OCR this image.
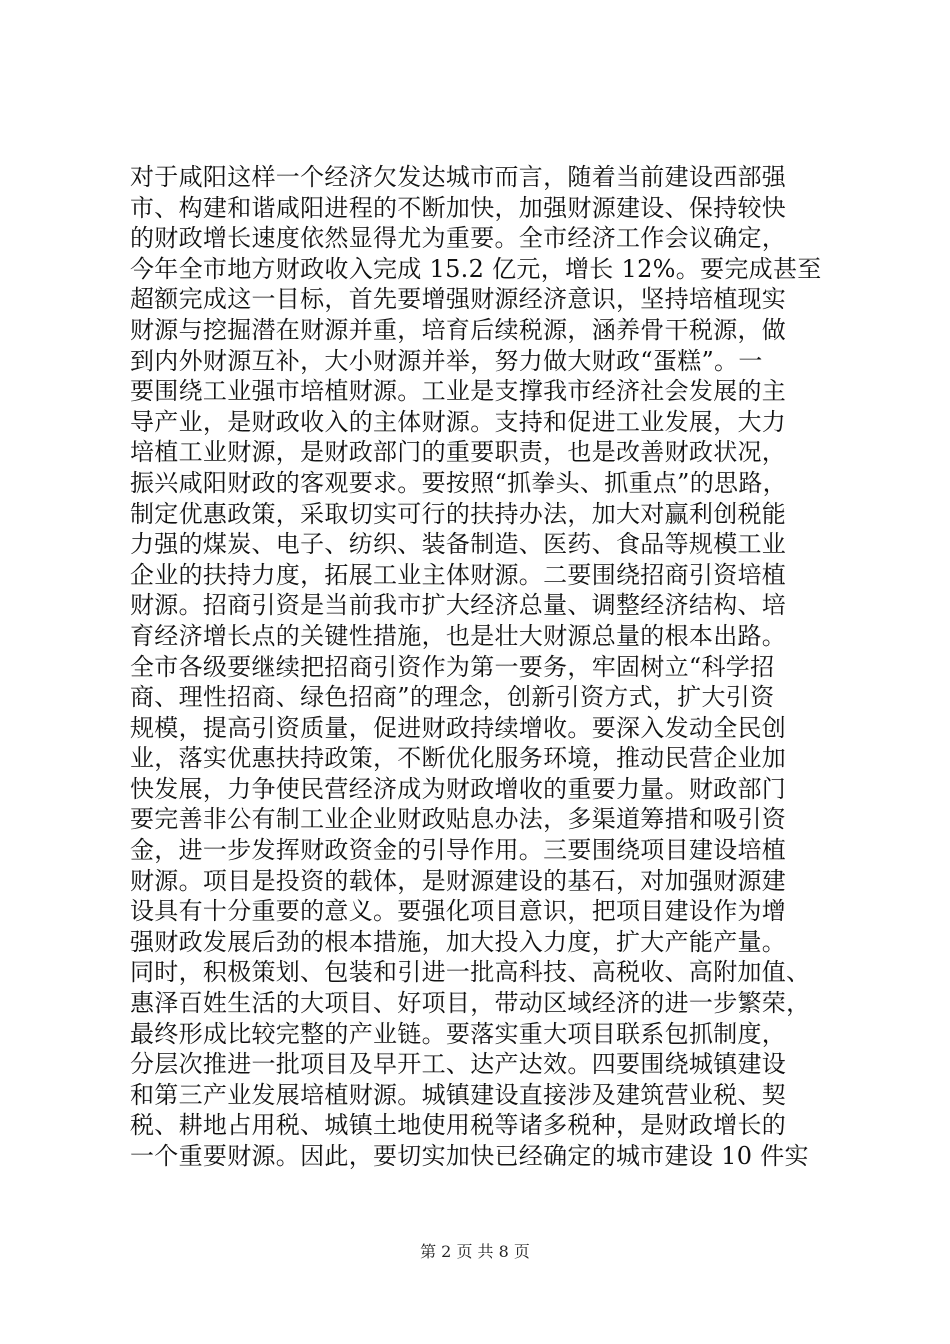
对于咸阳这样一个经济欠发达城市而言，随着当前建设西部强
市、构建和谐咸阳进程的不断加快，加强财源建设、保持较快
的财政增长速度依然显得尤为重要。全市经济工作会议确定，
今年全市地方财政收入完成 15.2 亿元，增长 12%。要完成甚至
超额完成这一目标，首先要增强财源经济意识，坚持培植现实
财源与挖掘潜在财源并重，培育后续税源，涵养骨干税源，做
到内外财源互补，大小财源并举，努力做大财政“蛋糕”。一
要围绕工业强市培植财源。工业是支撑我市经济社会发展的主
导产业，是财政收入的主体财源。支持和促进工业发展，大力
培植工业财源，是财政部门的重要职责，也是改善财政状况，
振兴咸阳财政的客观要求。要按照“抓拳头、抓重点”的思路，
制定优惠政策，采取切实可行的扶持办法，加大对赢利创税能
力强的煤炭、电子、纺织、装备制造、医药、食品等规模工业
企业的扶持力度，拓展工业主体财源。二要围绕招商引资培植
财源。招商引资是当前我市扩大经济总量、调整经济结构、培
育经济增长点的关键性措施，也是壮大财源总量的根本出路。
全市各级要继续把招商引资作为第一要务，牢固树立“科学招
商、理性招商、绿色招商”的理念，创新引资方式，扩大引资
规模，提高引资质量，促进财政持续增收。要深入发动全民创
业，落实优惠扶持政策，不断优化服务环境，推动民营企业加
快发展，力争使民营经济成为财政增收的重要力量。财政部门
要完善非公有制工业企业财政贴息办法，多渠道筹措和吸引资
金，进一步发挥财政资金的引导作用。三要围绕项目建设培植
财源。项目是投资的载体，是财源建设的基石，对加强财源建
设具有十分重要的意义。要强化项目意识，把项目建设作为增
强财政发展后劲的根本措施，加大投入力度，扩大产能产量。
同时，积极策划、包装和引进一批高科技、高税收、高附加值、
惠泽百姓生活的大项目、好项目，带动区域经济的进一步繁荣，
最终形成比较完整的产业链。要落实重大项目联系包抓制度，
分层次推进一批项目及早开工、达产达效。四要围绕城镇建设
和第三产业发展培植财源。城镇建设直接涉及建筑营业税、契
税、耕地占用税、城镇土地使用税等诸多税种，是财政增长的
一个重要财源。因此，要切实加快已经确定的城市建设 10 件实
第 2 页 共 8 页
